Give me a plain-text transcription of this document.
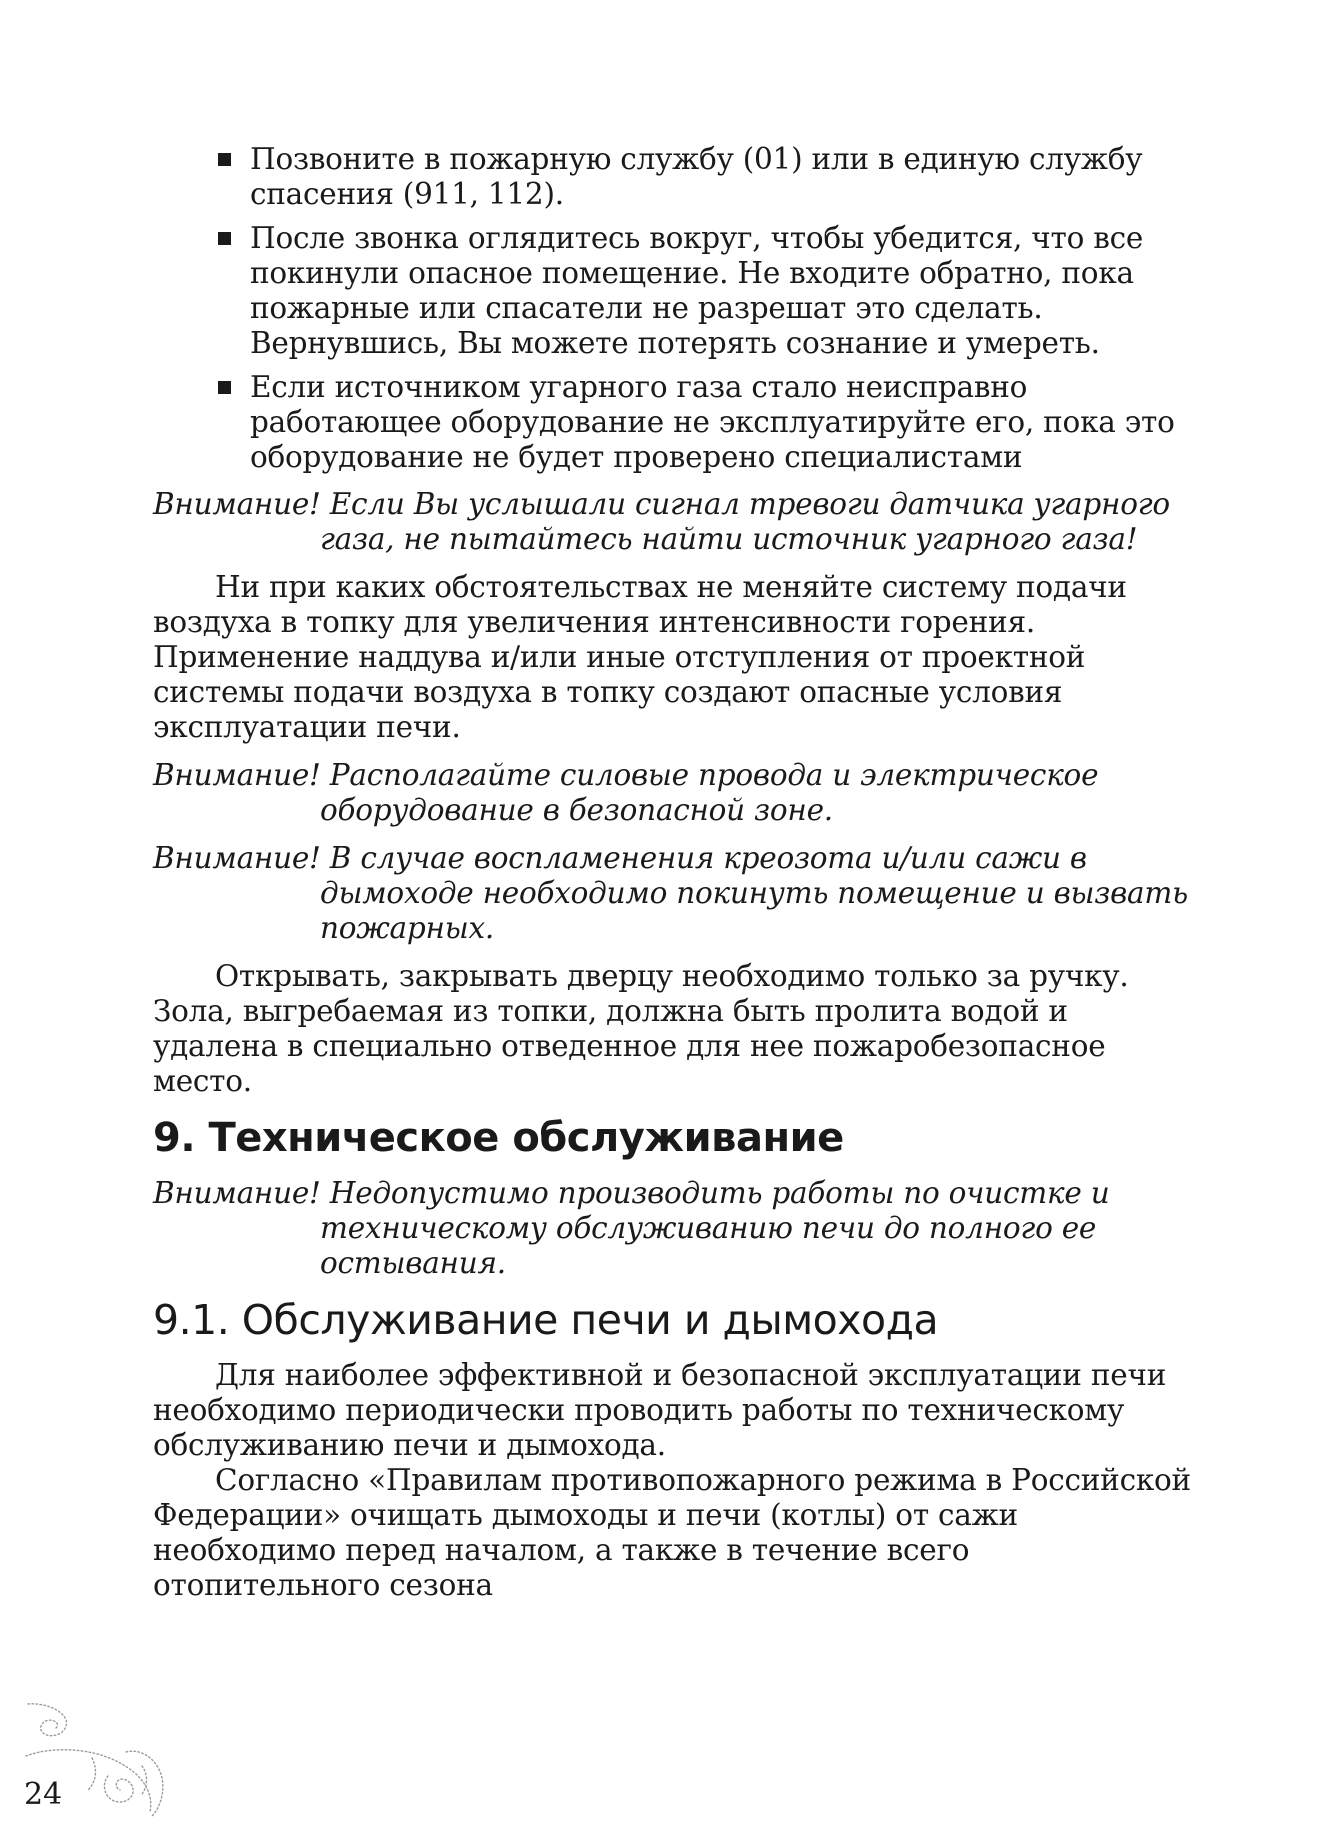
Позвоните в пожарную службу (01) или в единую службу спасения (911, 112).
После звонка оглядитесь вокруг, чтобы убедится, что все покинули опасное помещение. Не входите обратно, пока пожарные или спасатели не разрешат это сделать. Вернувшись, Вы можете потерять сознание и умереть.
Если источником угарного газа стало неисправно работающее оборудование не эксплуатируйте его, пока это оборудование не будет проверено специалистами

Внимание! Если Вы услышали сигнал тревоги датчика угарного газа, не пытайтесь найти источник угарного газа!

Ни при каких обстоятельствах не меняйте систему подачи воздуха в топку для увеличения интенсивности горения. Применение наддува и/или иные отступления от проектной системы подачи воздуха в топку создают опасные условия эксплуатации печи.

Внимание! Располагайте силовые провода и электрическое оборудование в безопасной зоне.

Внимание! В случае воспламенения креозота и/или сажи в дымоходе необходимо покинуть помещение и вызвать пожарных.

Открывать, закрывать дверцу необходимо только за ручку. Зола, выгребаемая из топки, должна быть пролита водой и удалена в специально отведенное для нее пожаробезопасное место.

9. Техническое обслуживание

Внимание! Недопустимо производить работы по очистке и техническому обслуживанию печи до полного ее остывания.

9.1. Обслуживание печи и дымохода

Для наиболее эффективной и безопасной эксплуатации печи необходимо периодически проводить работы по техническому обслуживанию печи и дымохода.

Согласно «Правилам противопожарного режима в Российской Федерации» очищать дымоходы и печи (котлы) от сажи необходимо перед началом, а также в течение всего отопительного сезона

24
